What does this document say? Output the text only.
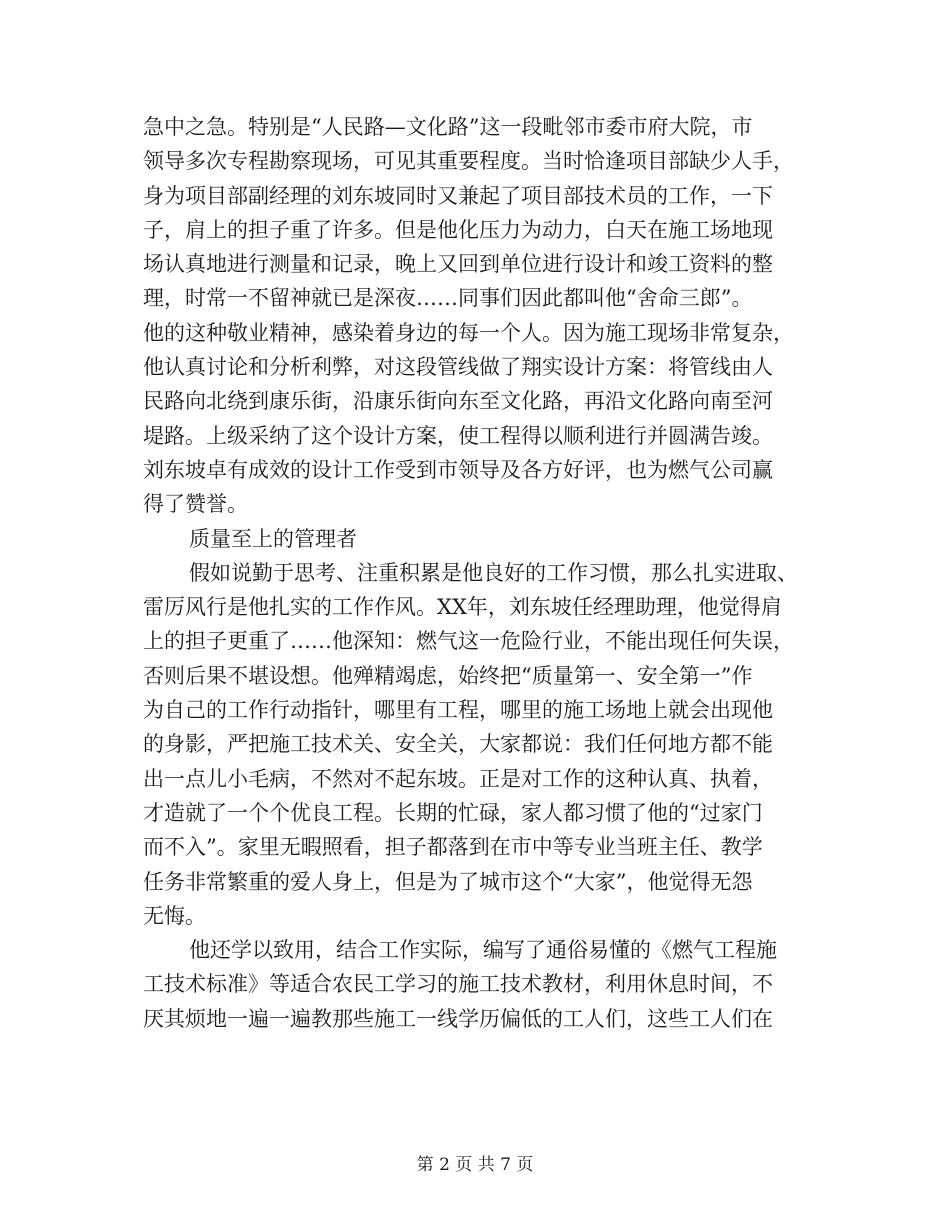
急中之急。特别是“人民路—文化路”这一段毗邻市委市府大院，市
领导多次专程勘察现场，可见其重要程度。当时恰逢项目部缺少人手，
身为项目部副经理的刘东坡同时又兼起了项目部技术员的工作，一下
子，肩上的担子重了许多。但是他化压力为动力，白天在施工场地现
场认真地进行测量和记录，晚上又回到单位进行设计和竣工资料的整
理，时常一不留神就已是深夜……同事们因此都叫他“舍命三郎”。
他的这种敬业精神，感染着身边的每一个人。因为施工现场非常复杂，
他认真讨论和分析利弊，对这段管线做了翔实设计方案：将管线由人
民路向北绕到康乐街，沿康乐街向东至文化路，再沿文化路向南至河
堤路。上级采纳了这个设计方案，使工程得以顺利进行并圆满告竣。
刘东坡卓有成效的设计工作受到市领导及各方好评，也为燃气公司赢
得了赞誉。
质量至上的管理者
假如说勤于思考、注重积累是他良好的工作习惯，那么扎实进取、
雷厉风行是他扎实的工作作风。XX年，刘东坡任经理助理，他觉得肩
上的担子更重了……他深知：燃气这一危险行业，不能出现任何失误，
否则后果不堪设想。他殚精竭虑，始终把“质量第一、安全第一”作
为自己的工作行动指针，哪里有工程，哪里的施工场地上就会出现他
的身影，严把施工技术关、安全关，大家都说：我们任何地方都不能
出一点儿小毛病，不然对不起东坡。正是对工作的这种认真、执着，
才造就了一个个优良工程。长期的忙碌，家人都习惯了他的“过家门
而不入”。家里无暇照看，担子都落到在市中等专业当班主任、教学
任务非常繁重的爱人身上，但是为了城市这个“大家”，他觉得无怨
无悔。
他还学以致用，结合工作实际，编写了通俗易懂的《燃气工程施
工技术标准》等适合农民工学习的施工技术教材，利用休息时间，不
厌其烦地一遍一遍教那些施工一线学历偏低的工人们，这些工人们在
第 2 页 共 7 页
